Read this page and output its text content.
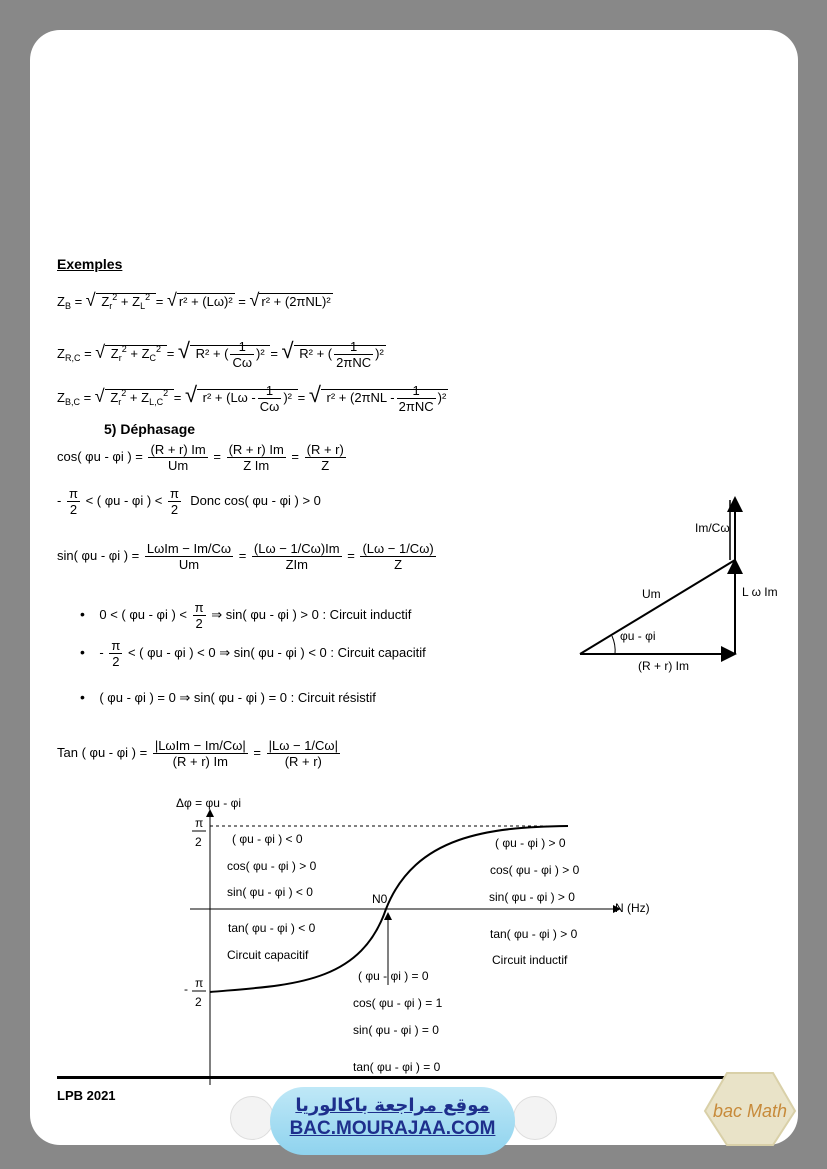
Exemples
$Z_B$ = √ $Z_r^2 + Z_L^2$ = √ r² + (Lω)² = √ r² + (2πNL)²
$Z_{R,C}$ = √ $Z_r^2 + Z_C^2$ = √ R² + ( $\frac{1}{C\omega} )^2$ = √ R² + ( $\frac{1}{\text{2πNC}} )^2$
$Z_{B,C}$ = √ $Z_r^2 + Z_{L,C}^2$ = √ $r^2 + (L\omega - \frac{1}{C\omega} )^2$ = √ $r^2 + (2\pi NL - \frac{1}{\text{2πNC}} )^2$
5) Déphasage
cos( φu - φi ) = $\frac{(R + r) Im}{Um} = \frac{(R + r) Im}{\text{Z Im}} = \frac{(R + r)}{Z}$
- $\frac{\pi}{2}$ < ( φu - φi ) < $\frac{\pi}{2}$ Donc cos( φu - φi ) > 0
sin( φu - φi ) = $\frac{\text{LωIm − Im/Cω}}{Um} = \frac{(L\omega - 1/C\omega)Im}{\text{ZIm}} = \frac{(L\omega - 1/C\omega)}{Z}$
• 0 < ( φu - φi ) < $\frac{\pi}{2}$ ⇒ sin( φu - φi ) > 0 : Circuit inductif
• - $\frac{\pi}{2}$ < ( φu - φi ) < 0 ⇒ sin( φu - φi ) < 0 : Circuit capacitif
• ( φu - φi ) = 0 ⇒ sin( φu - φi ) = 0 : Circuit résistif
Tan ( φu - φi ) = $\frac{\text{|LωIm − Im/Cω|}}{(R + r) Im} = \frac{|L\omega - 1/C\omega|}{(R + r)}$
Im/Cω
Um	L ω Im
φu - φi
(R + r) Im
Δφ = φu - φi
N (Hz)
N0
π
2
- π
2
( φu - φi ) < 0
cos( φu - φi ) > 0
sin( φu - φi ) < 0
tan( φu - φi ) < 0
Circuit capacitif
( φu - φi ) > 0
cos( φu - φi ) > 0
sin( φu - φi ) > 0
tan( φu - φi ) > 0
Circuit inductif
( φu - φi ) = 0
cos( φu - φi ) = 1
sin( φu - φi ) = 0
tan( φu - φi ) = 0
LPB 2021	موقع مراجعة باكالوريا
BAC.MOURAJAA.COM
bac Math
